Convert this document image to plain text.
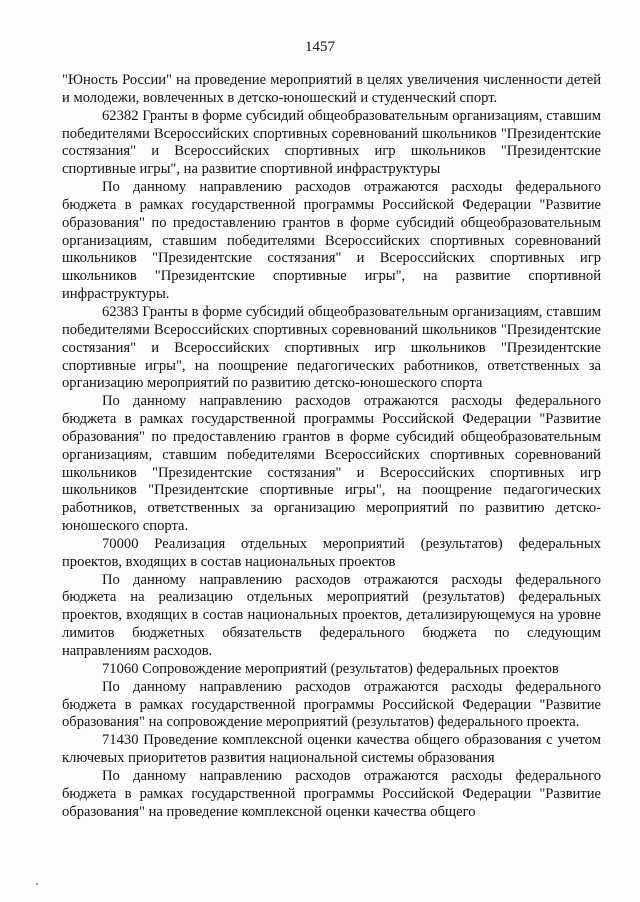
1457

"Юность России" на проведение мероприятий в целях увеличения численности детей и молодежи, вовлеченных в детско-юношеский и студенческий спорт.

62382 Гранты в форме субсидий общеобразовательным организациям, ставшим победителями Всероссийских спортивных соревнований школьников "Президентские состязания" и Всероссийских спортивных игр школьников "Президентские спортивные игры", на развитие спортивной инфраструктуры

По данному направлению расходов отражаются расходы федерального бюджета в рамках государственной программы Российской Федерации "Развитие образования" по предоставлению грантов в форме субсидий общеобразовательным организациям, ставшим победителями Всероссийских спортивных соревнований школьников "Президентские состязания" и Всероссийских спортивных игр школьников "Президентские спортивные игры", на развитие спортивной инфраструктуры.

62383 Гранты в форме субсидий общеобразовательным организациям, ставшим победителями Всероссийских спортивных соревнований школьников "Президентские состязания" и Всероссийских спортивных игр школьников "Президентские спортивные игры", на поощрение педагогических работников, ответственных за организацию мероприятий по развитию детско-юношеского спорта

По данному направлению расходов отражаются расходы федерального бюджета в рамках государственной программы Российской Федерации "Развитие образования" по предоставлению грантов в форме субсидий общеобразовательным организациям, ставшим победителями Всероссийских спортивных соревнований школьников "Президентские состязания" и Всероссийских спортивных игр школьников "Президентские спортивные игры", на поощрение педагогических работников, ответственных за организацию мероприятий по развитию детско-юношеского спорта.

70000 Реализация отдельных мероприятий (результатов) федеральных проектов, входящих в состав национальных проектов

По данному направлению расходов отражаются расходы федерального бюджета на реализацию отдельных мероприятий (результатов) федеральных проектов, входящих в состав национальных проектов, детализирующемуся на уровне лимитов бюджетных обязательств федерального бюджета по следующим направлениям расходов.

71060 Сопровождение мероприятий (результатов) федеральных проектов

По данному направлению расходов отражаются расходы федерального бюджета в рамках государственной программы Российской Федерации "Развитие образования" на сопровождение мероприятий (результатов) федерального проекта.

71430 Проведение комплексной оценки качества общего образования с учетом ключевых приоритетов развития национальной системы образования

По данному направлению расходов отражаются расходы федерального бюджета в рамках государственной программы Российской Федерации "Развитие образования" на проведение комплексной оценки качества общего
